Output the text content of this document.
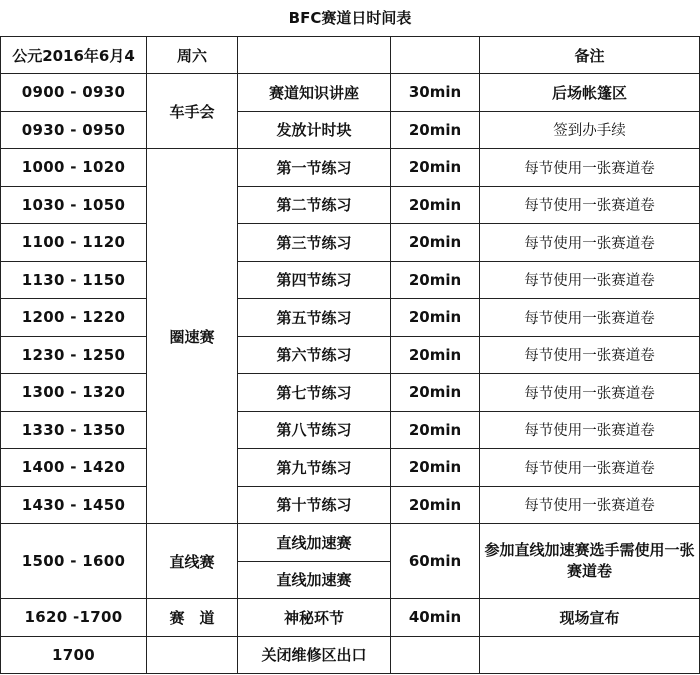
BFC赛道日时间表
公元2016年6月4	周六			备注
0900 - 0930	车手会	赛道知识讲座	30min	后场帐篷区
0930 - 0950		发放计时块	20min	签到办手续
1000 - 1020	圈速赛	第一节练习	20min	每节使用一张赛道卷
1030 - 1050		第二节练习	20min	每节使用一张赛道卷
1100 - 1120		第三节练习	20min	每节使用一张赛道卷
1130 - 1150		第四节练习	20min	每节使用一张赛道卷
1200 - 1220		第五节练习	20min	每节使用一张赛道卷
1230 - 1250		第六节练习	20min	每节使用一张赛道卷
1300 - 1320		第七节练习	20min	每节使用一张赛道卷
1330 - 1350		第八节练习	20min	每节使用一张赛道卷
1400 - 1420		第九节练习	20min	每节使用一张赛道卷
1430 - 1450		第十节练习	20min	每节使用一张赛道卷
1500 - 1600	直线赛	直线加速赛	60min	参加直线加速赛选手需使用一张赛道卷
		直线加速赛		
1620 -1700	赛　道	神秘环节	40min	现场宣布
1700		关闭维修区出口		
